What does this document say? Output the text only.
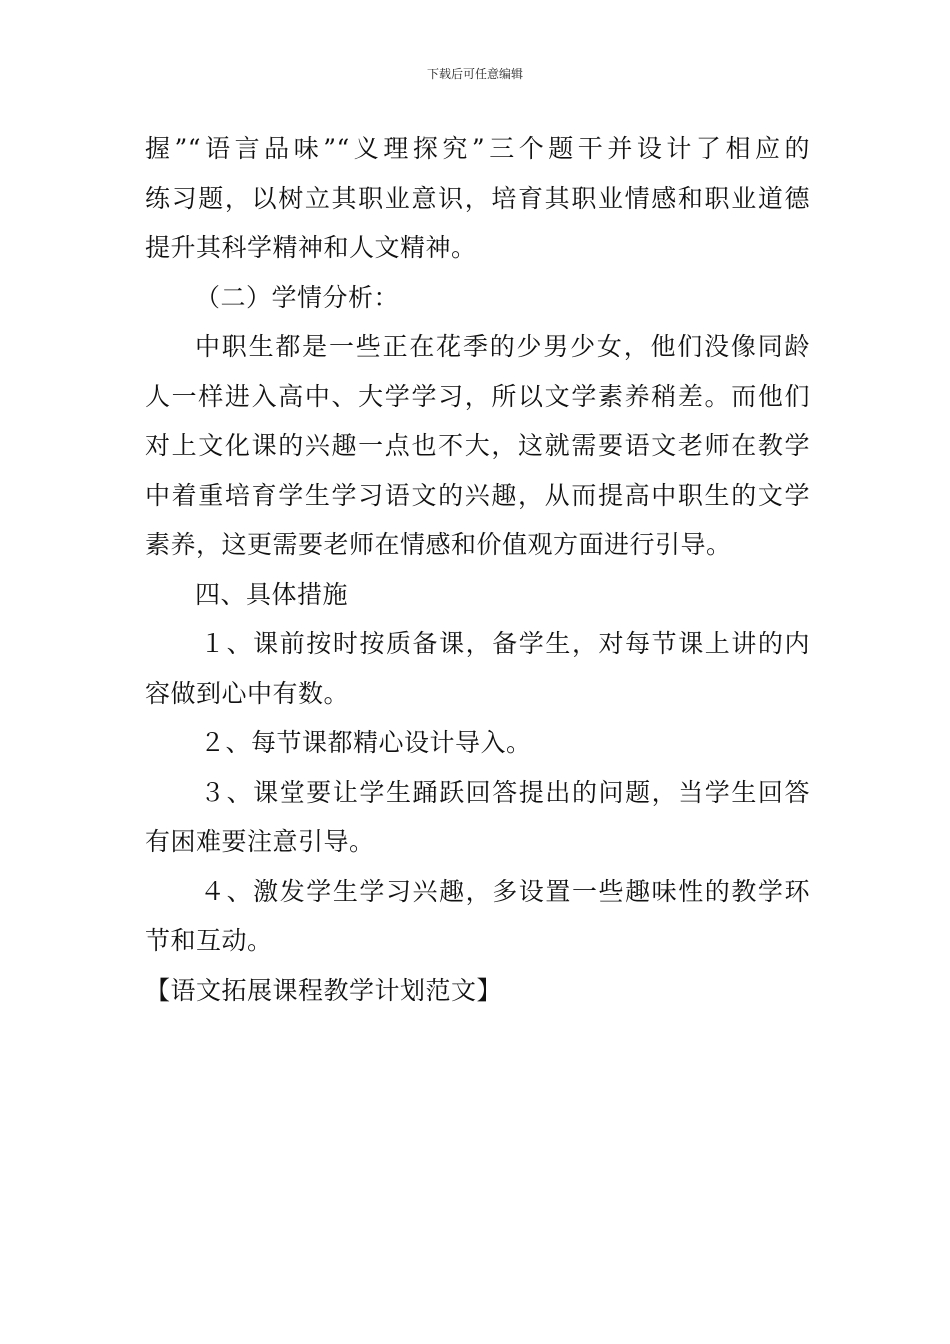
下载后可任意编辑
握”“语言品味”“义理探究”三个题干并设计了相应的
练习题，以树立其职业意识，培育其职业情感和职业道德
提升其科学精神和人文精神。
（二）学情分析：
中职生都是一些正在花季的少男少女，他们没像同龄
人一样进入高中、大学学习，所以文学素养稍差。而他们
对上文化课的兴趣一点也不大，这就需要语文老师在教学
中着重培育学生学习语文的兴趣，从而提高中职生的文学
素养，这更需要老师在情感和价值观方面进行引导。
四、具体措施
１、课前按时按质备课，备学生，对每节课上讲的内
容做到心中有数。
２、每节课都精心设计导入。
３、课堂要让学生踊跃回答提出的问题，当学生回答
有困难要注意引导。
４、激发学生学习兴趣，多设置一些趣味性的教学环
节和互动。
【语文拓展课程教学计划范文】
